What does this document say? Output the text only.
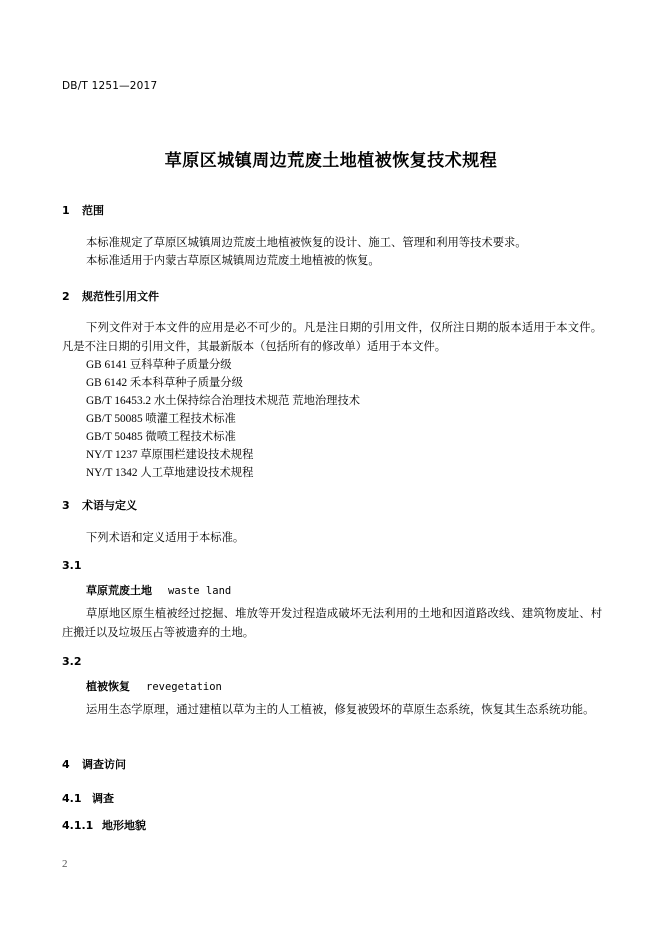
DB/T 1251—2017
草原区城镇周边荒废土地植被恢复技术规程
1 范围
本标准规定了草原区城镇周边荒废土地植被恢复的设计、施工、管理和利用等技术要求。
本标准适用于内蒙古草原区城镇周边荒废土地植被的恢复。
2 规范性引用文件
下列文件对于本文件的应用是必不可少的。凡是注日期的引用文件，仅所注日期的版本适用于本文件。凡是不注日期的引用文件，其最新版本（包括所有的修改单）适用于本文件。
GB 6141 豆科草种子质量分级
GB 6142 禾本科草种子质量分级
GB/T 16453.2 水土保持综合治理技术规范 荒地治理技术
GB/T 50085 喷灌工程技术标准
GB/T 50485 微喷工程技术标准
NY/T 1237 草原围栏建设技术规程
NY/T 1342 人工草地建设技术规程
3 术语与定义
下列术语和定义适用于本标准。
3.1
草原荒废土地 waste land
草原地区原生植被经过挖掘、堆放等开发过程造成破坏无法利用的土地和因道路改线、建筑物废址、村庄搬迁以及垃圾压占等被遗弃的土地。
3.2
植被恢复 revegetation
运用生态学原理，通过建植以草为主的人工植被，修复被毁坏的草原生态系统，恢复其生态系统功能。
4 调查访问
4.1 调查
4.1.1 地形地貌
2
